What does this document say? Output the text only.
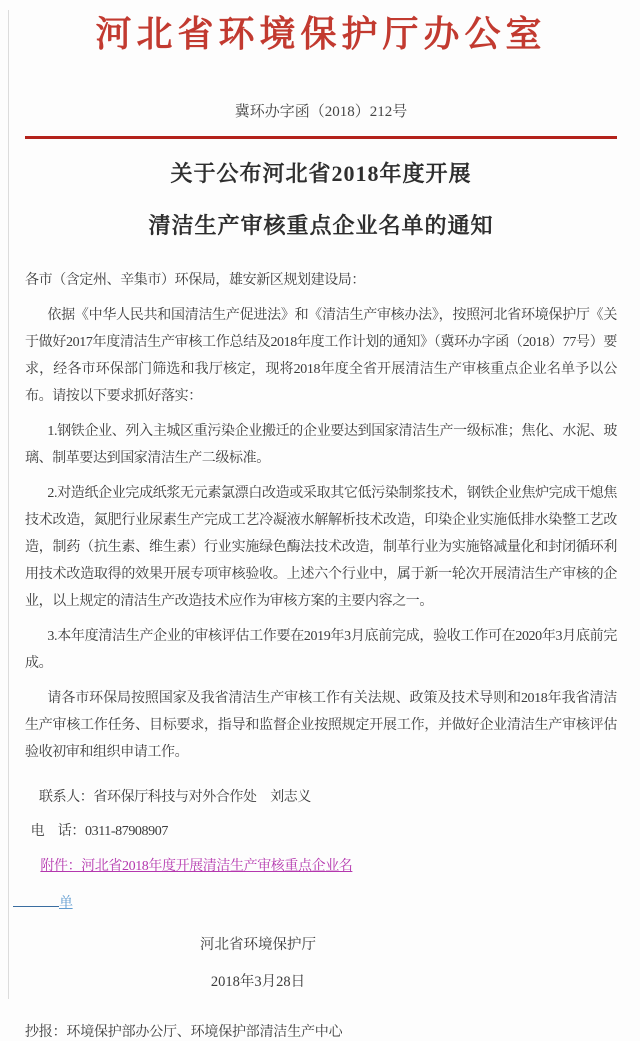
河北省环境保护厅办公室
冀环办字函（2018）212号
关于公布河北省2018年度开展
清洁生产审核重点企业名单的通知
各市（含定州、辛集市）环保局，雄安新区规划建设局：
依据《中华人民共和国清洁生产促进法》和《清洁生产审核办法》，按照河北省环境保护厅《关于做好2017年度清洁生产审核工作总结及2018年度工作计划的通知》（冀环办字函（2018）77号）要求，经各市环保部门筛选和我厅核定，现将2018年度全省开展清洁生产审核重点企业名单予以公布。请按以下要求抓好落实：
1.钢铁企业、列入主城区重污染企业搬迁的企业要达到国家清洁生产一级标准；焦化、水泥、玻璃、制革要达到国家清洁生产二级标准。
2.对造纸企业完成纸浆无元素氯漂白改造或采取其它低污染制浆技术，钢铁企业焦炉完成干熄焦技术改造，氮肥行业尿素生产完成工艺冷凝液水解解析技术改造，印染企业实施低排水染整工艺改造，制药（抗生素、维生素）行业实施绿色酶法技术改造，制革行业为实施铬减量化和封闭循环利用技术改造取得的效果开展专项审核验收。上述六个行业中，属于新一轮次开展清洁生产审核的企业，以上规定的清洁生产改造技术应作为审核方案的主要内容之一。
3.本年度清洁生产企业的审核评估工作要在2019年3月底前完成，验收工作可在2020年3月底前完成。
请各市环保局按照国家及我省清洁生产审核工作有关法规、政策及技术导则和2018年我省清洁生产审核工作任务、目标要求，指导和监督企业按照规定开展工作，并做好企业清洁生产审核评估验收初审和组织申请工作。
联系人：省环保厅科技与对外合作处　刘志义
电　话：0311-87908907
附件：河北省2018年度开展清洁生产审核重点企业名
单
河北省环境保护厅
2018年3月28日
抄报：环境保护部办公厅、环境保护部清洁生产中心
